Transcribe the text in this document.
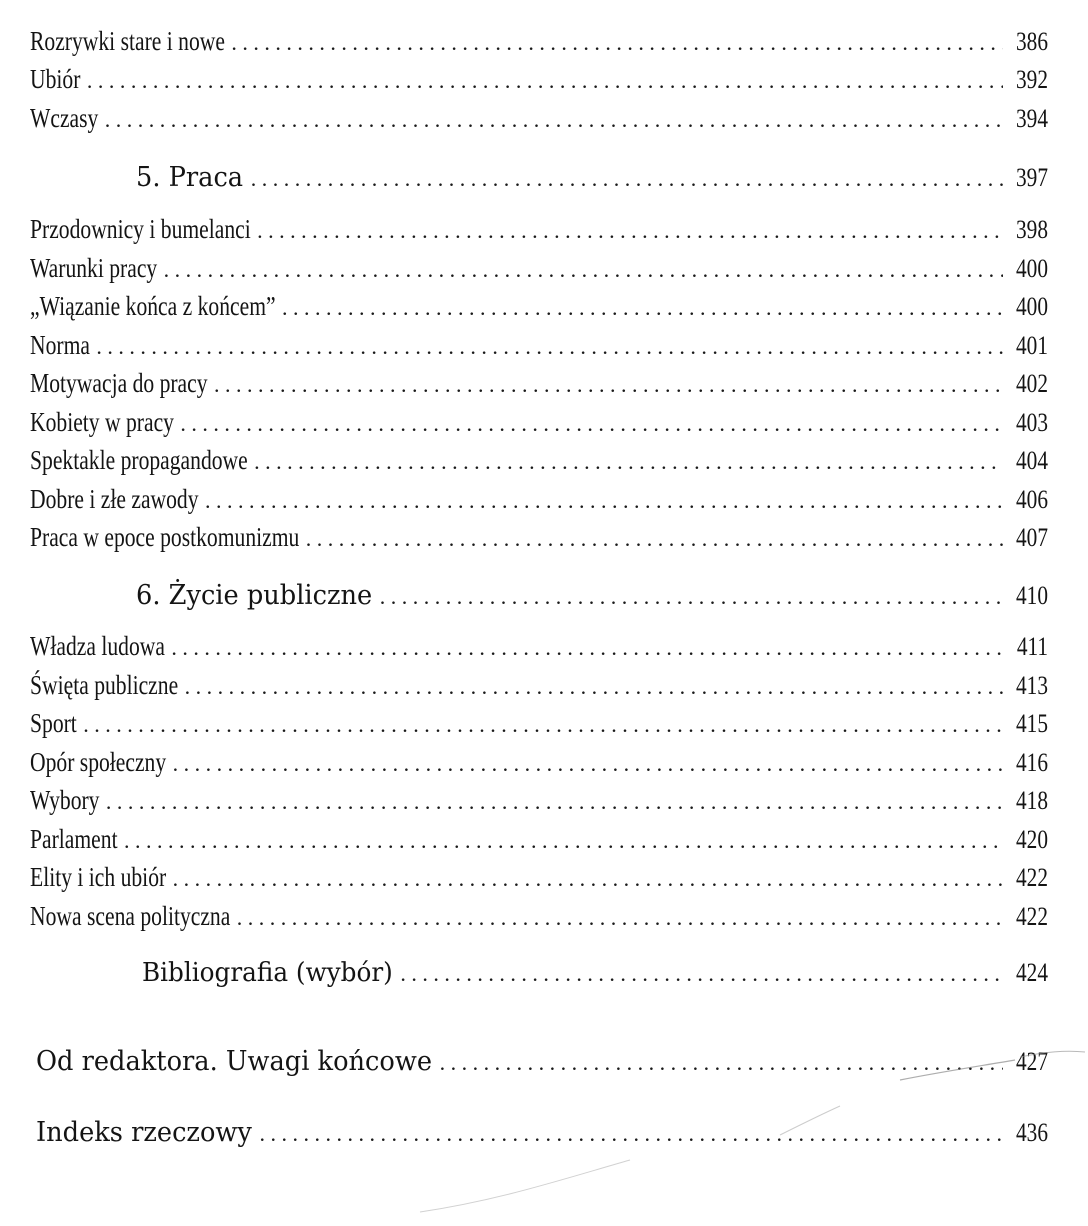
Rozrywki stare i nowe . . .	386
Ubiór . . .	392
Wczasy . . .	394
5. Praca . . .	397
Przodownicy i bumelanci . . .	398
Warunki pracy . . .	400
„Wiązanie końca z końcem” . . .	400
Norma . . .	401
Motywacja do pracy . . .	402
Kobiety w pracy . . .	403
Spektakle propagandowe . . .	404
Dobre i złe zawody . . .	406
Praca w epoce postkomunizmu . . .	407
6. Życie publiczne . . .	410
Władza ludowa . . .	411
Święta publiczne . . .	413
Sport . . .	415
Opór społeczny . . .	416
Wybory . . .	418
Parlament . . .	420
Elity i ich ubiór . . .	422
Nowa scena polityczna . . .	422
Bibliografia (wybór) . . .	424
Od redaktora. Uwagi końcowe . . .	427
Indeks rzeczowy . . .	436
